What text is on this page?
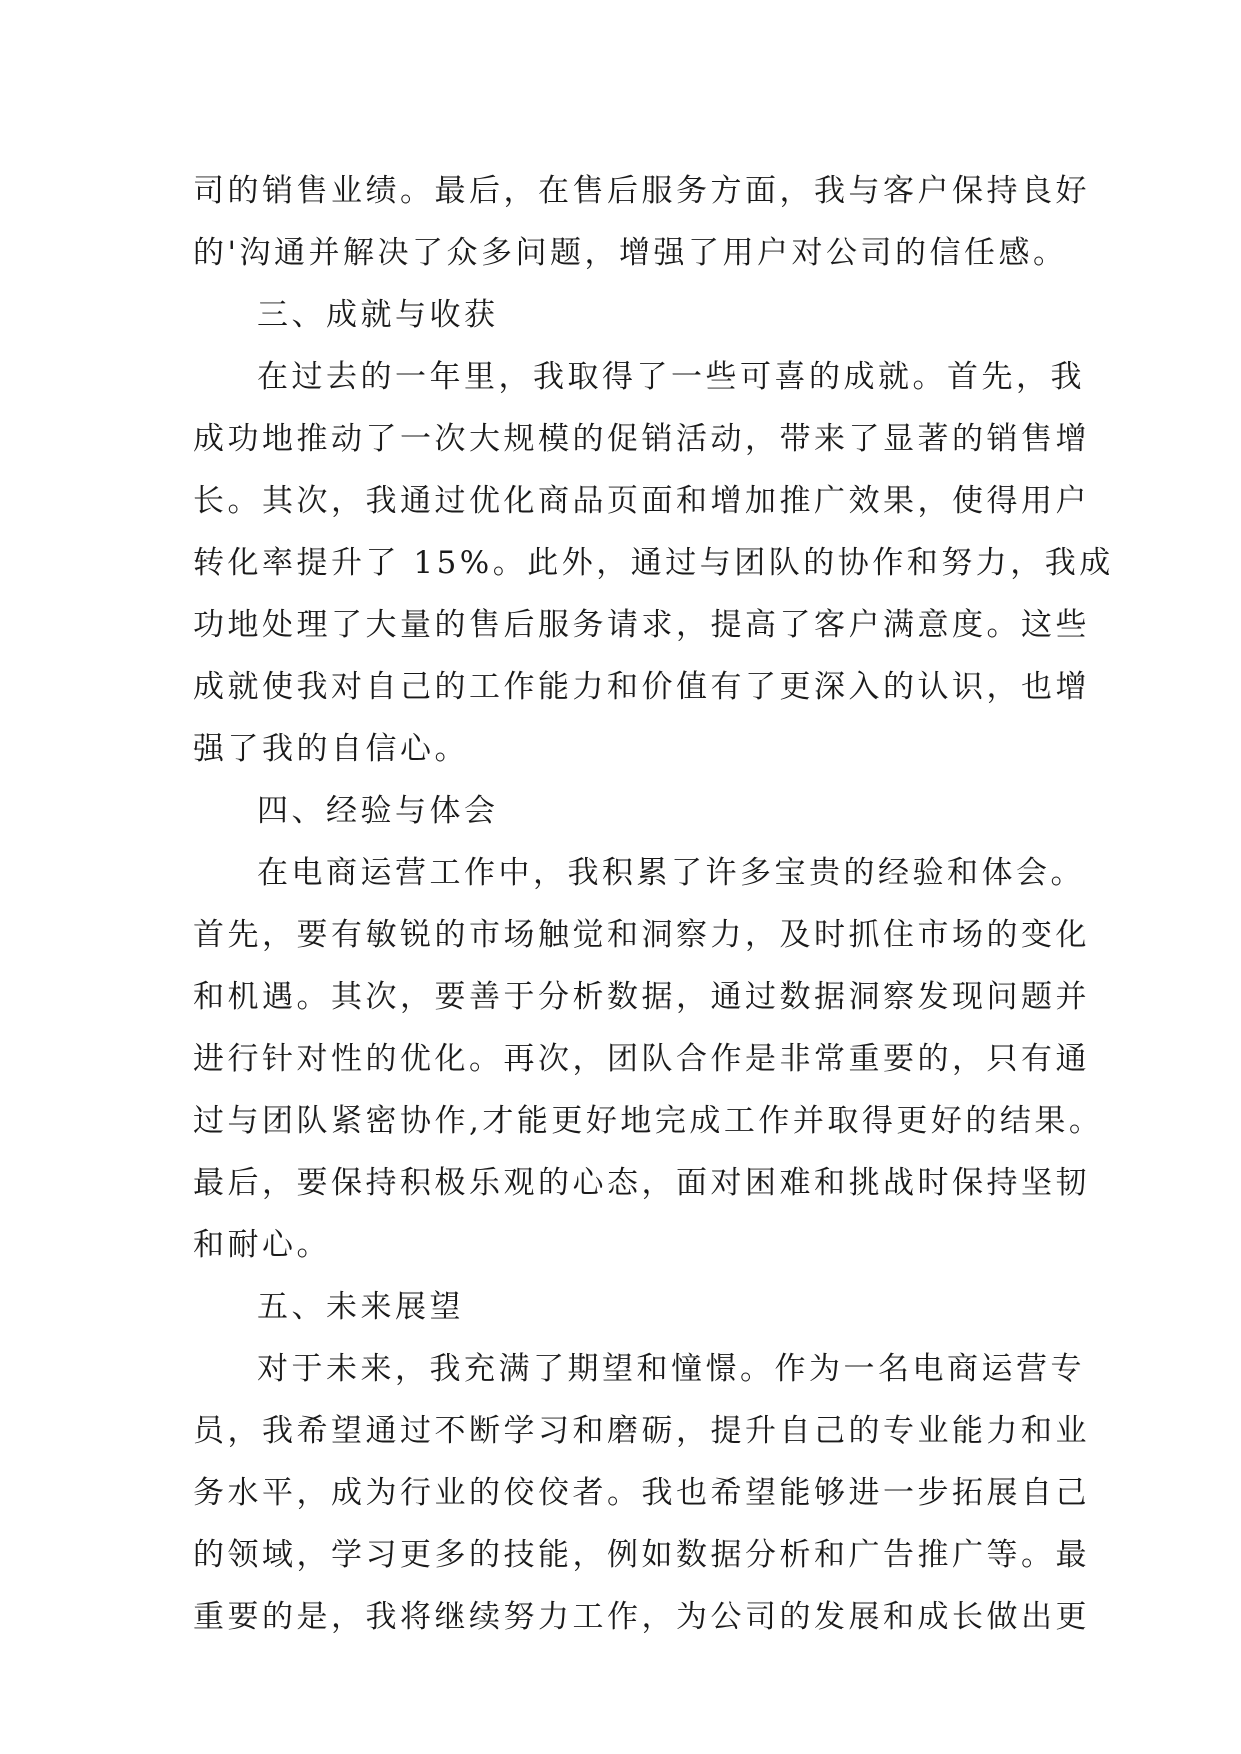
司的销售业绩。最后，在售后服务方面，我与客户保持良好
的'沟通并解决了众多问题，增强了用户对公司的信任感。
三、成就与收获
在过去的一年里，我取得了一些可喜的成就。首先，我
成功地推动了一次大规模的促销活动，带来了显著的销售增
长。其次，我通过优化商品页面和增加推广效果，使得用户
转化率提升了 15%。此外，通过与团队的协作和努力，我成
功地处理了大量的售后服务请求，提高了客户满意度。这些
成就使我对自己的工作能力和价值有了更深入的认识，也增
强了我的自信心。
四、经验与体会
在电商运营工作中，我积累了许多宝贵的经验和体会。
首先，要有敏锐的市场触觉和洞察力，及时抓住市场的变化
和机遇。其次，要善于分析数据，通过数据洞察发现问题并
进行针对性的优化。再次，团队合作是非常重要的，只有通
过与团队紧密协作,才能更好地完成工作并取得更好的结果。
最后，要保持积极乐观的心态，面对困难和挑战时保持坚韧
和耐心。
五、未来展望
对于未来，我充满了期望和憧憬。作为一名电商运营专
员，我希望通过不断学习和磨砺，提升自己的专业能力和业
务水平，成为行业的佼佼者。我也希望能够进一步拓展自己
的领域，学习更多的技能，例如数据分析和广告推广等。最
重要的是，我将继续努力工作，为公司的发展和成长做出更
